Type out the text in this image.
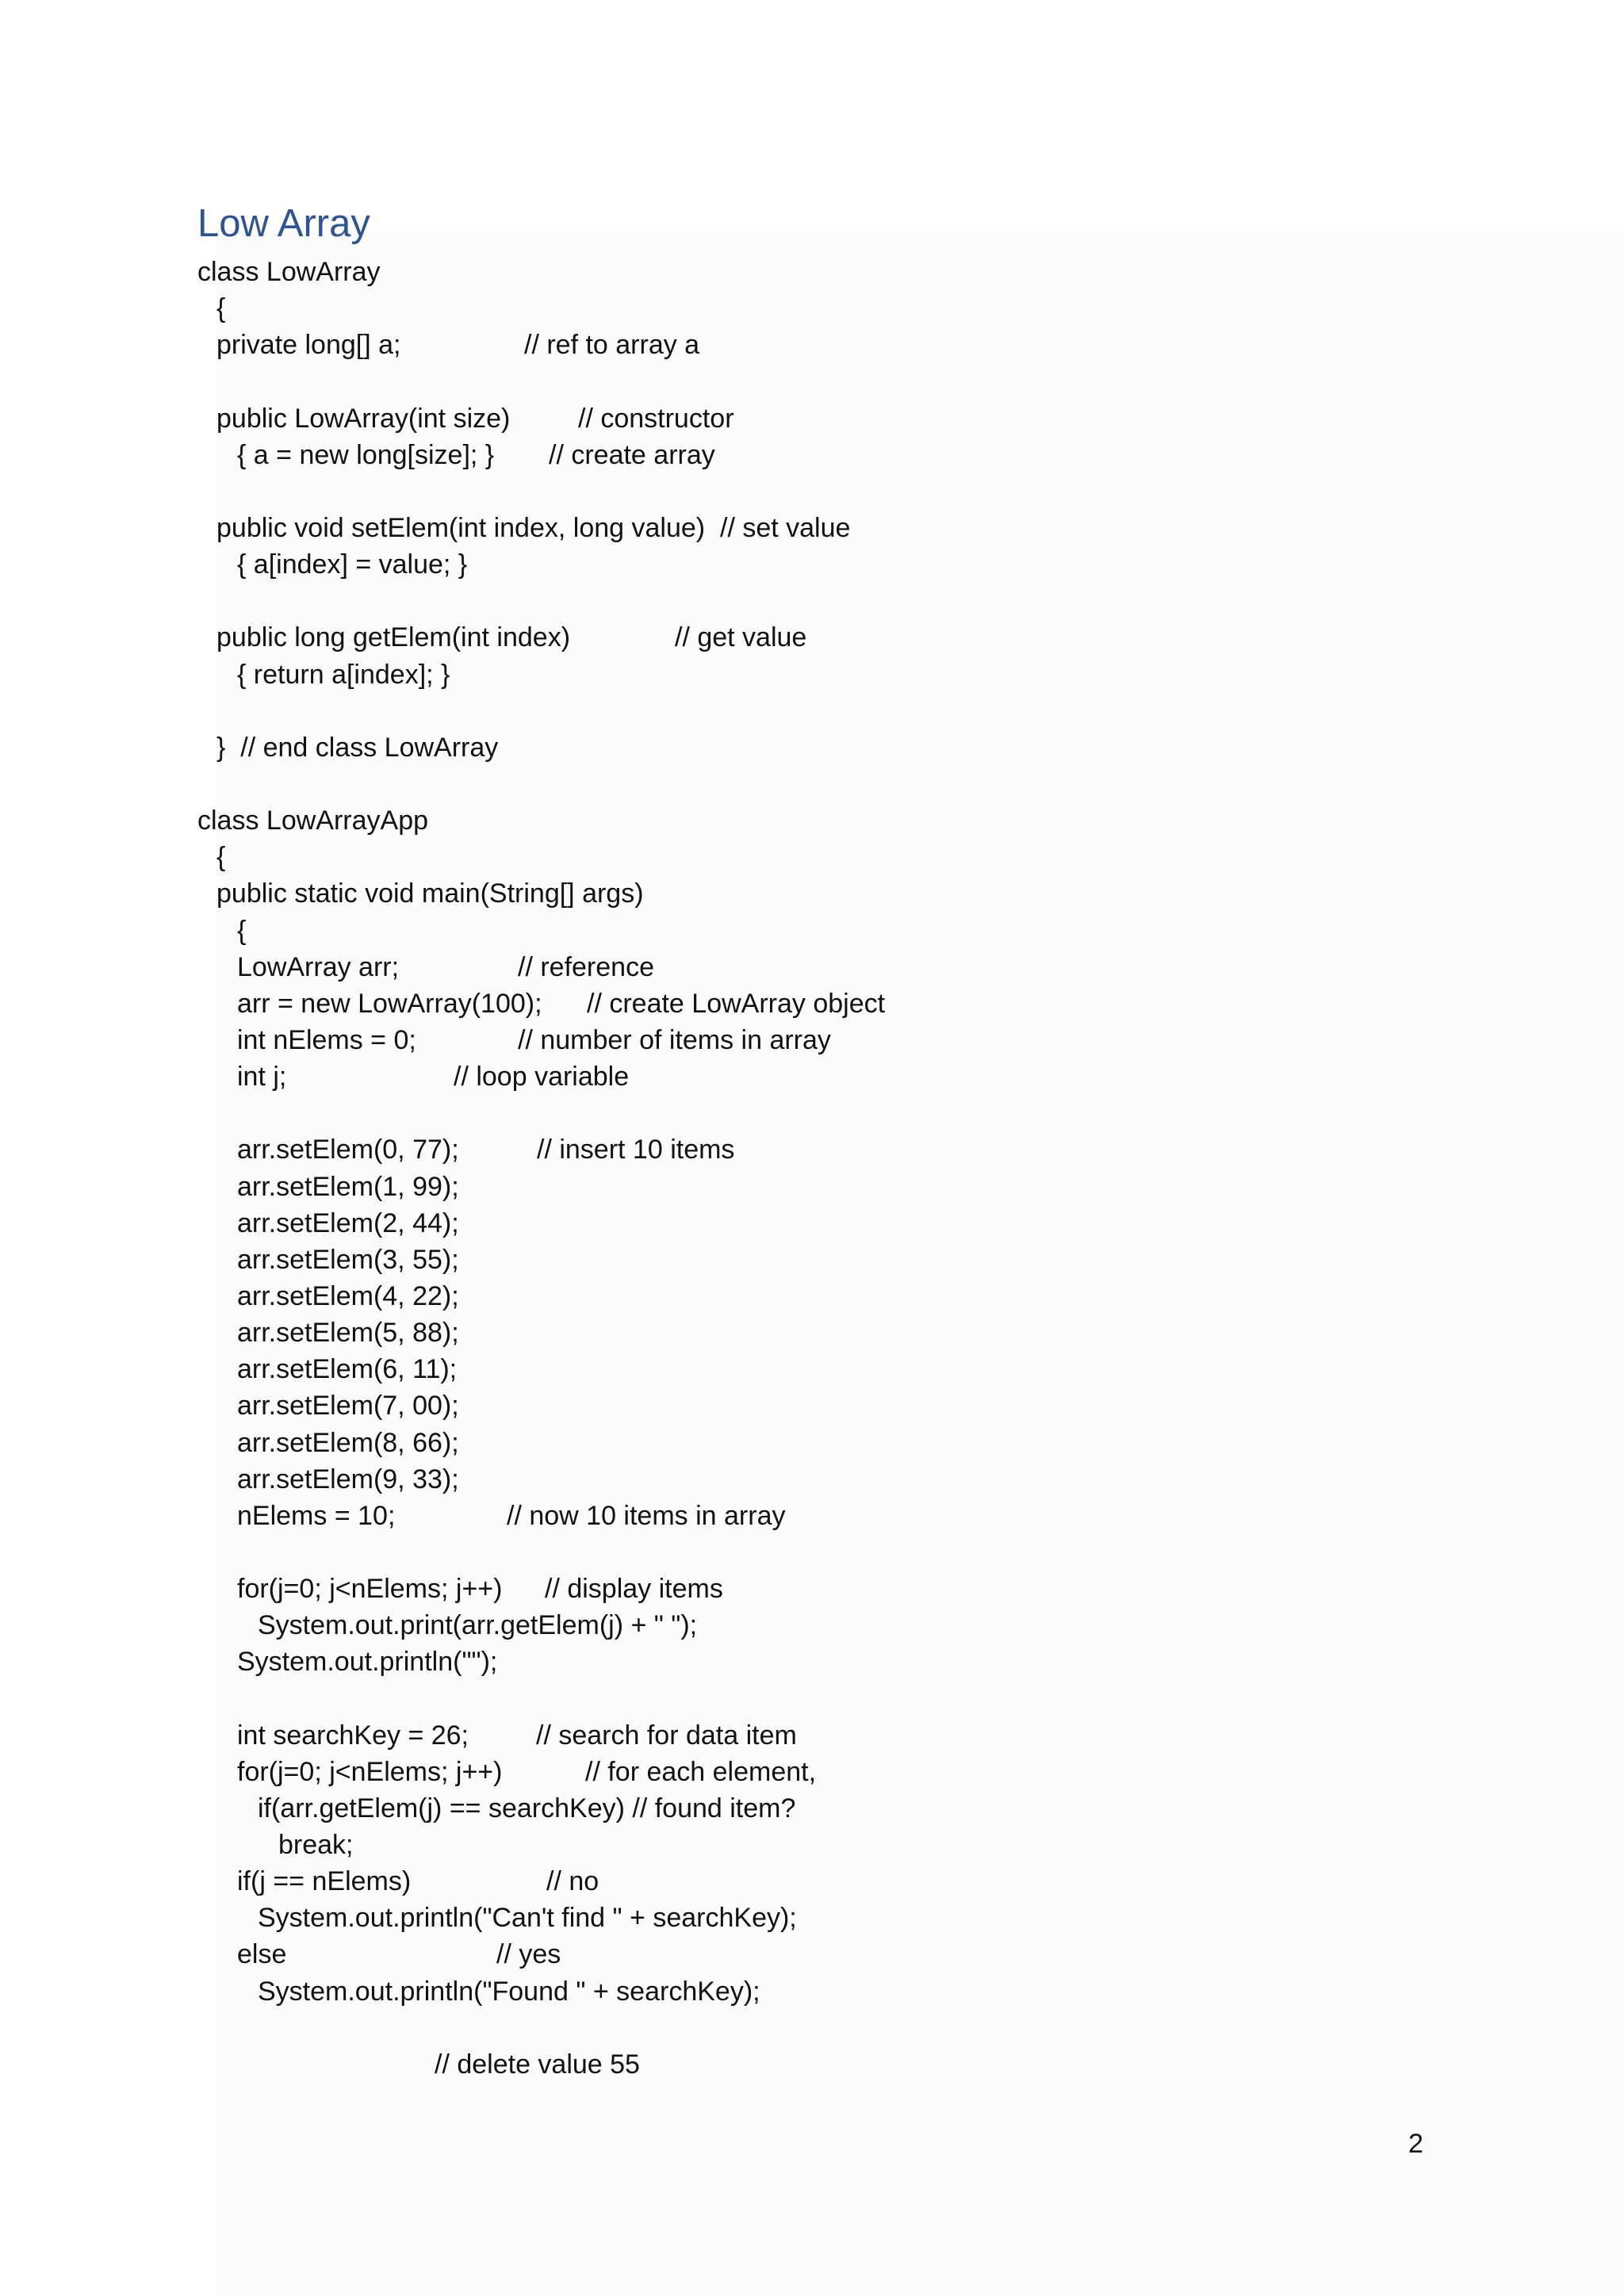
Low Array
class LowArray
{
private long[] a;	// ref to array a
public LowArray(int size)	// constructor
{ a = new long[size]; } // create array
public void setElem(int index, long value)  // set value
{ a[index] = value; }
public long getElem(int index)	// get value
{ return a[index]; }
}  // end class LowArray
class LowArrayApp
{
public static void main(String[] args)
{
LowArray arr;	// reference
arr = new LowArray(100); // create LowArray object
int nElems = 0;	// number of items in array
int j;	// loop variable
arr.setElem(0, 77);	// insert 10 items
arr.setElem(1, 99);
arr.setElem(2, 44);
arr.setElem(3, 55);
arr.setElem(4, 22);
arr.setElem(5, 88);
arr.setElem(6, 11);
arr.setElem(7, 00);
arr.setElem(8, 66);
arr.setElem(9, 33);
nElems = 10;	// now 10 items in array
for(j=0; j<nElems; j++) // display items
System.out.print(arr.getElem(j) + " ");
System.out.println("");
int searchKey = 26; // search for data item
for(j=0; j<nElems; j++)	// for each element,
if(arr.getElem(j) == searchKey) // found item?
break;
if(j == nElems)	// no
System.out.println("Can't find " + searchKey);
else	// yes
System.out.println("Found " + searchKey);
// delete value 55
2
